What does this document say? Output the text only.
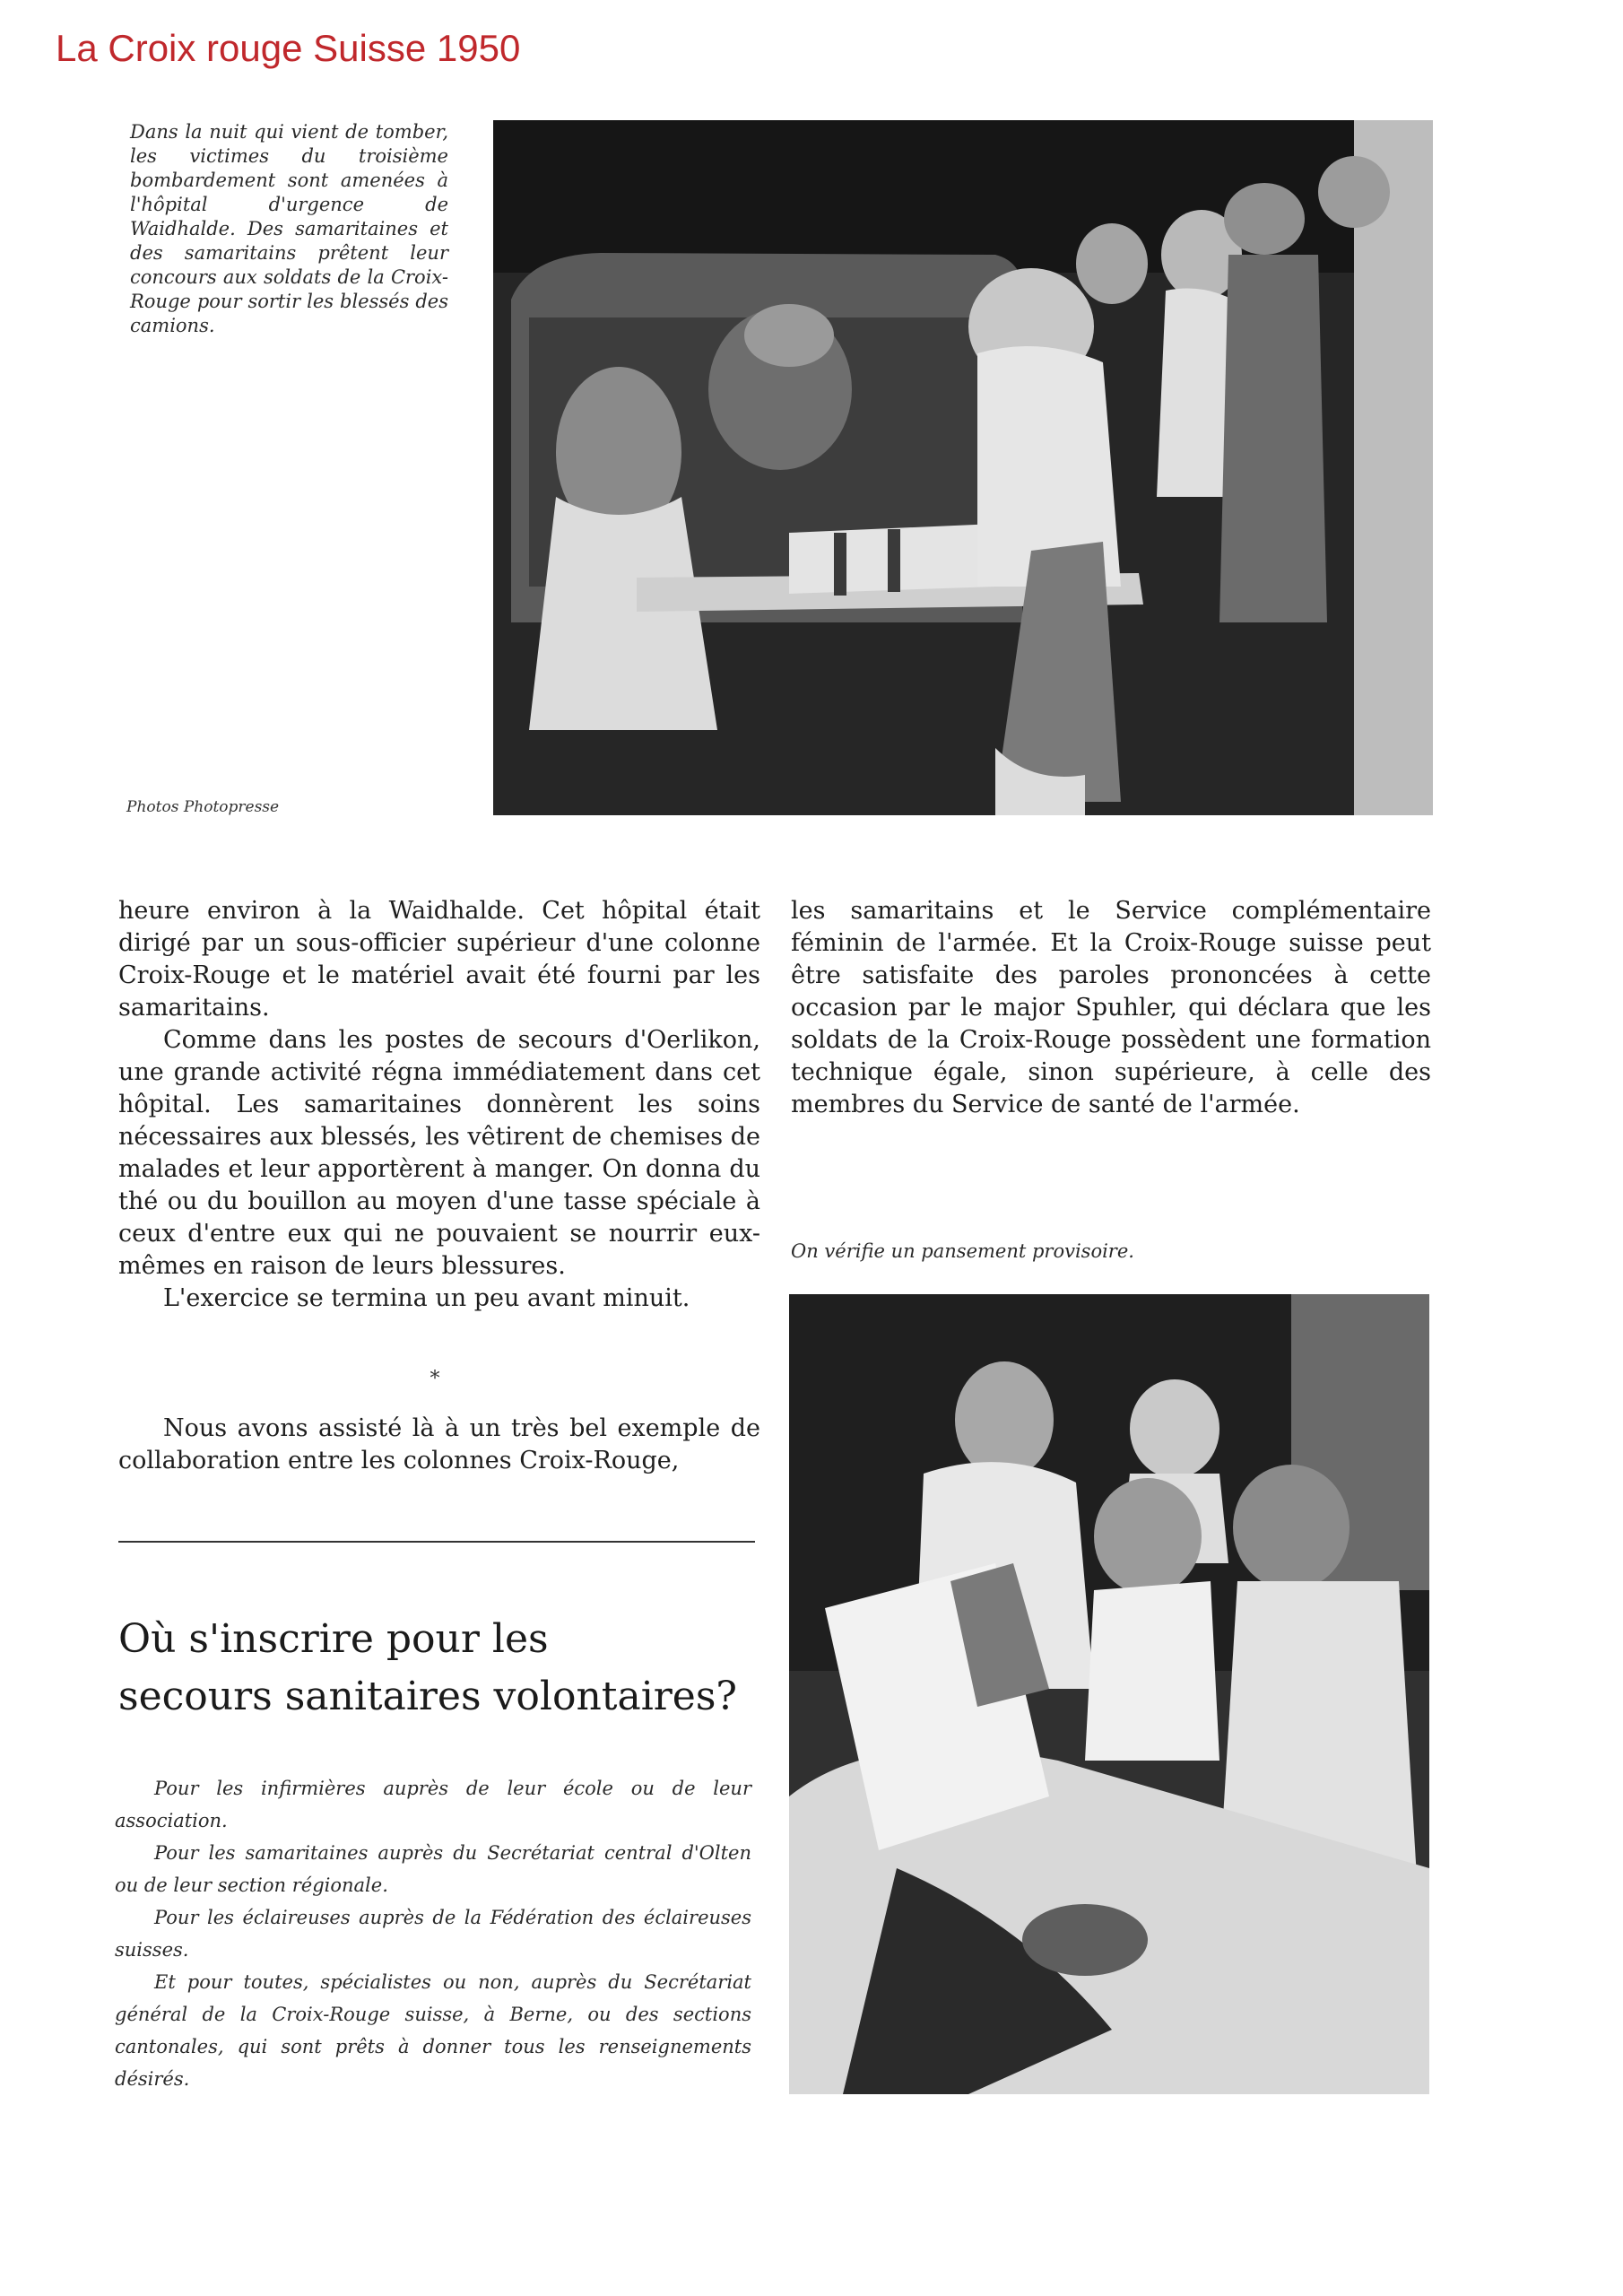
La Croix rouge Suisse 1950

Dans la nuit qui vient de tomber, les victimes du troisième bombardement sont amenées à l'hôpital d'urgence de Waidhalde. Des samaritaines et des samaritains prêtent leur concours aux soldats de la Croix-Rouge pour sortir les blessés des camions.

Photos Photopresse

heure environ à la Waidhalde. Cet hôpital était dirigé par un sous-officier supérieur d'une colonne Croix-Rouge et le matériel avait été fourni par les samaritains.

Comme dans les postes de secours d'Oerlikon, une grande activité régna immédiatement dans cet hôpital. Les samaritaines donnèrent les soins nécessaires aux blessés, les vêtirent de chemises de malades et leur apportèrent à manger. On donna du thé ou du bouillon au moyen d'une tasse spéciale à ceux d'entre eux qui ne pouvaient se nourrir eux-mêmes en raison de leurs blessures.

L'exercice se termina un peu avant minuit.

*

Nous avons assisté là à un très bel exemple de collaboration entre les colonnes Croix-Rouge,

les samaritains et le Service complémentaire féminin de l'armée. Et la Croix-Rouge suisse peut être satisfaite des paroles prononcées à cette occasion par le major Spuhler, qui déclara que les soldats de la Croix-Rouge possèdent une formation technique égale, sinon supérieure, à celle des membres du Service de santé de l'armée.

On vérifie un pansement provisoire.
Où s'inscrire pour les
secours sanitaires volontaires?

Pour les infirmières auprès de leur école ou de leur association.

Pour les samaritaines auprès du Secrétariat central d'Olten ou de leur section régionale.

Pour les éclaireuses auprès de la Fédération des éclaireuses suisses.

Et pour toutes, spécialistes ou non, auprès du Secrétariat général de la Croix-Rouge suisse, à Berne, ou des sections cantonales, qui sont prêts à donner tous les renseignements désirés.
